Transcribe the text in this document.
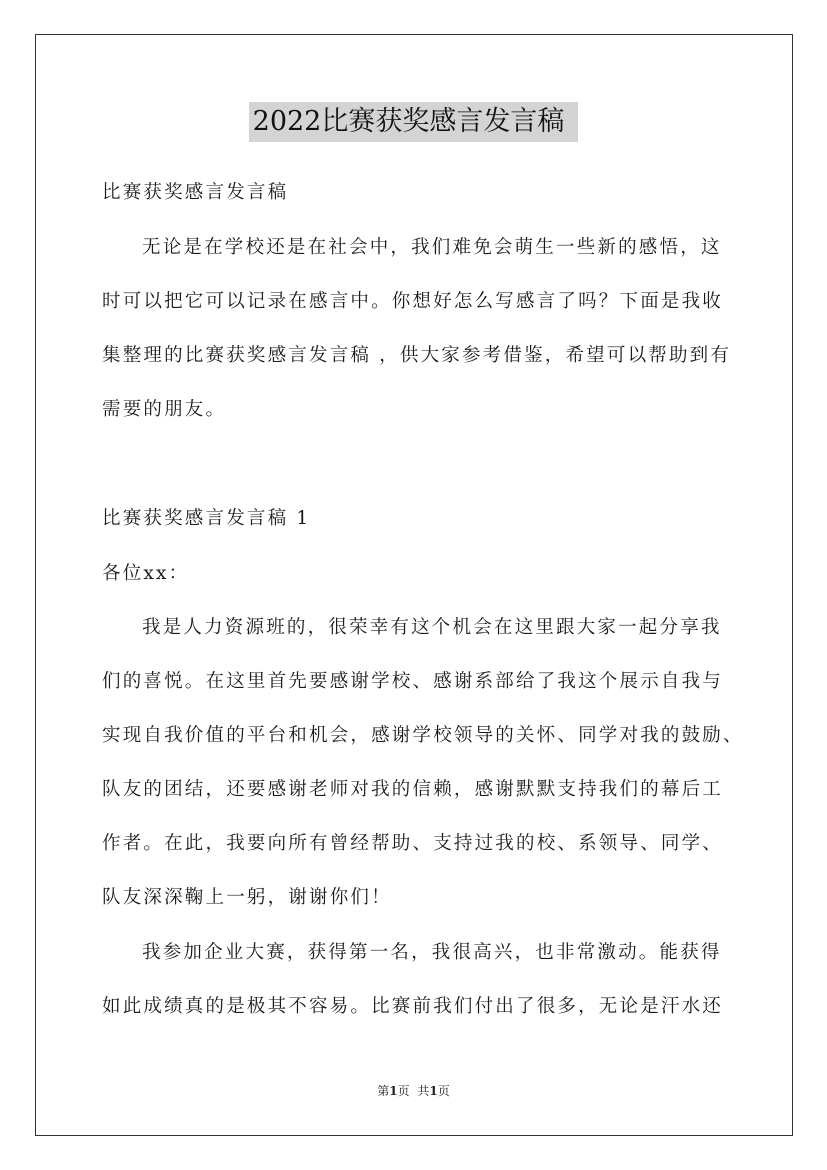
2022比赛获奖感言发言稿
比赛获奖感言发言稿
无论是在学校还是在社会中，我们难免会萌生一些新的感悟，这
时可以把它可以记录在感言中。你想好怎么写感言了吗？下面是我收
集整理的比赛获奖感言发言稿 ，供大家参考借鉴，希望可以帮助到有
需要的朋友。
比赛获奖感言发言稿 1
各位xx：
我是人力资源班的，很荣幸有这个机会在这里跟大家一起分享我
们的喜悦。在这里首先要感谢学校、感谢系部给了我这个展示自我与
实现自我价值的平台和机会，感谢学校领导的关怀、同学对我的鼓励、
队友的团结，还要感谢老师对我的信赖，感谢默默支持我们的幕后工
作者。在此，我要向所有曾经帮助、支持过我的校、系领导、同学、
队友深深鞠上一躬，谢谢你们！
我参加企业大赛，获得第一名，我很高兴，也非常激动。能获得
如此成绩真的是极其不容易。比赛前我们付出了很多，无论是汗水还
第1页 共1页
